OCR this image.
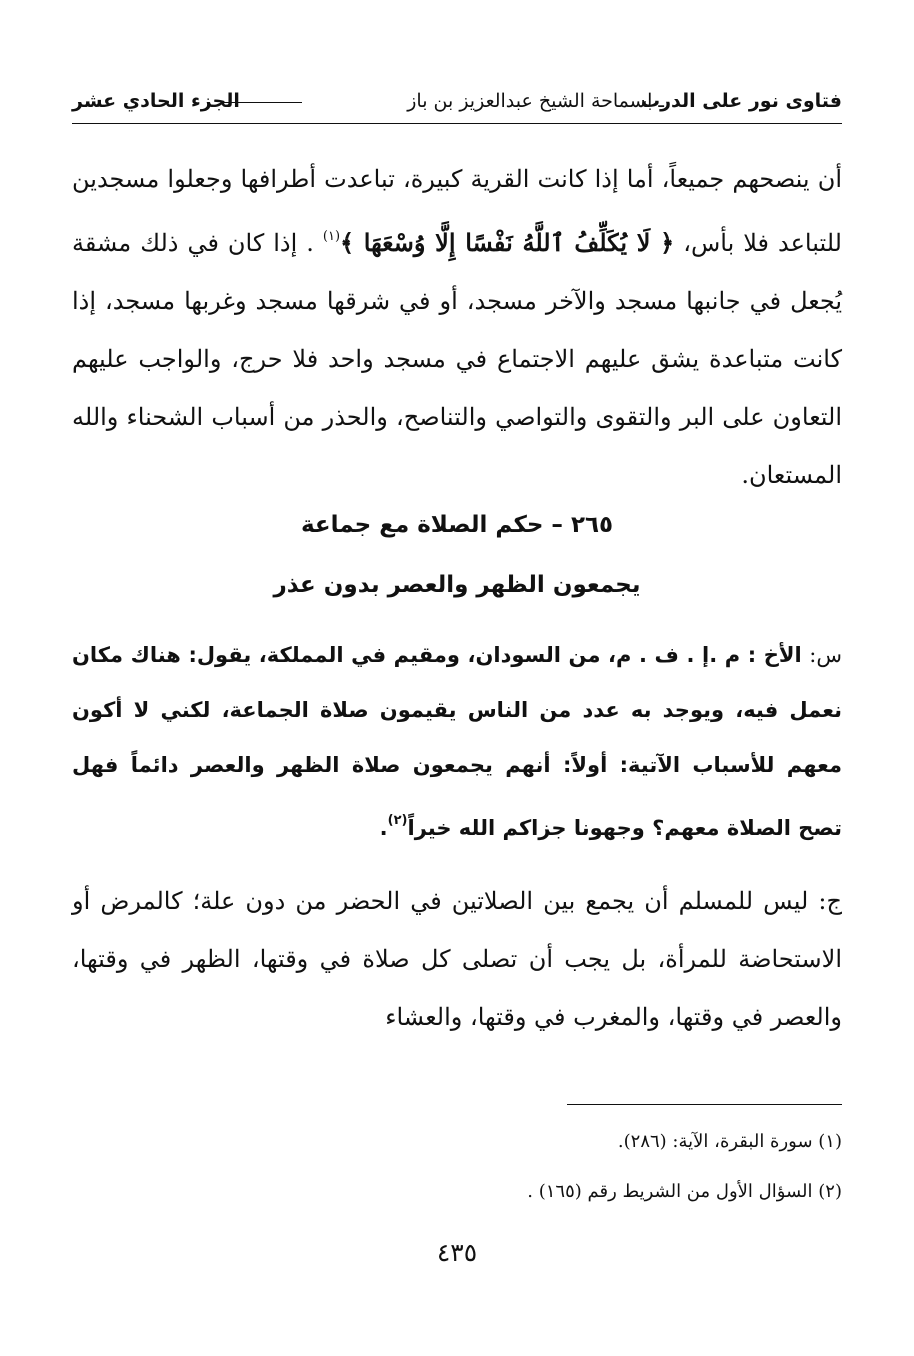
فتاوى نور على الدرب
ـ لسماحة الشيخ عبدالعزيز بن باز
الجزء الحادي عشر
أن ينصحهم جميعاً، أما إذا كانت القرية كبيرة، تباعدت أطرافها وجعلوا مسجدين للتباعد فلا بأس، ﴿ لَا يُكَلِّفُ ٱللَّهُ نَفْسًا إِلَّا وُسْعَهَا ﴾$^{(١)}$ . إذا كان في ذلك مشقة يُجعل في جانبها مسجد والآخر مسجد، أو في شرقها مسجد وغربها مسجد، إذا كانت متباعدة يشق عليهم الاجتماع في مسجد واحد فلا حرج، والواجب عليهم التعاون على البر والتقوى والتواصي والتناصح، والحذر من أسباب الشحناء والله المستعان.
٢٦٥ – حكم الصلاة مع جماعة
يجمعون الظهر والعصر بدون عذر
س: الأخ : م .إ . ف . م، من السودان، ومقيم في المملكة، يقول: هناك مكان نعمل فيه، ويوجد به عدد من الناس يقيمون صلاة الجماعة، لكني لا أكون معهم للأسباب الآتية: أولاً: أنهم يجمعون صلاة الظهر والعصر دائماً فهل تصح الصلاة معهم؟ وجهونا جزاكم الله خيراً$^{(٢)}$.
ج: ليس للمسلم أن يجمع بين الصلاتين في الحضر من دون علة؛ كالمرض أو الاستحاضة للمرأة، بل يجب أن تصلى كل صلاة في وقتها، الظهر في وقتها، والعصر في وقتها، والمغرب في وقتها، والعشاء
(١) سورة البقرة، الآية: (٢٨٦).
(٢) السؤال الأول من الشريط رقم (١٦٥) .
٤٣٥
